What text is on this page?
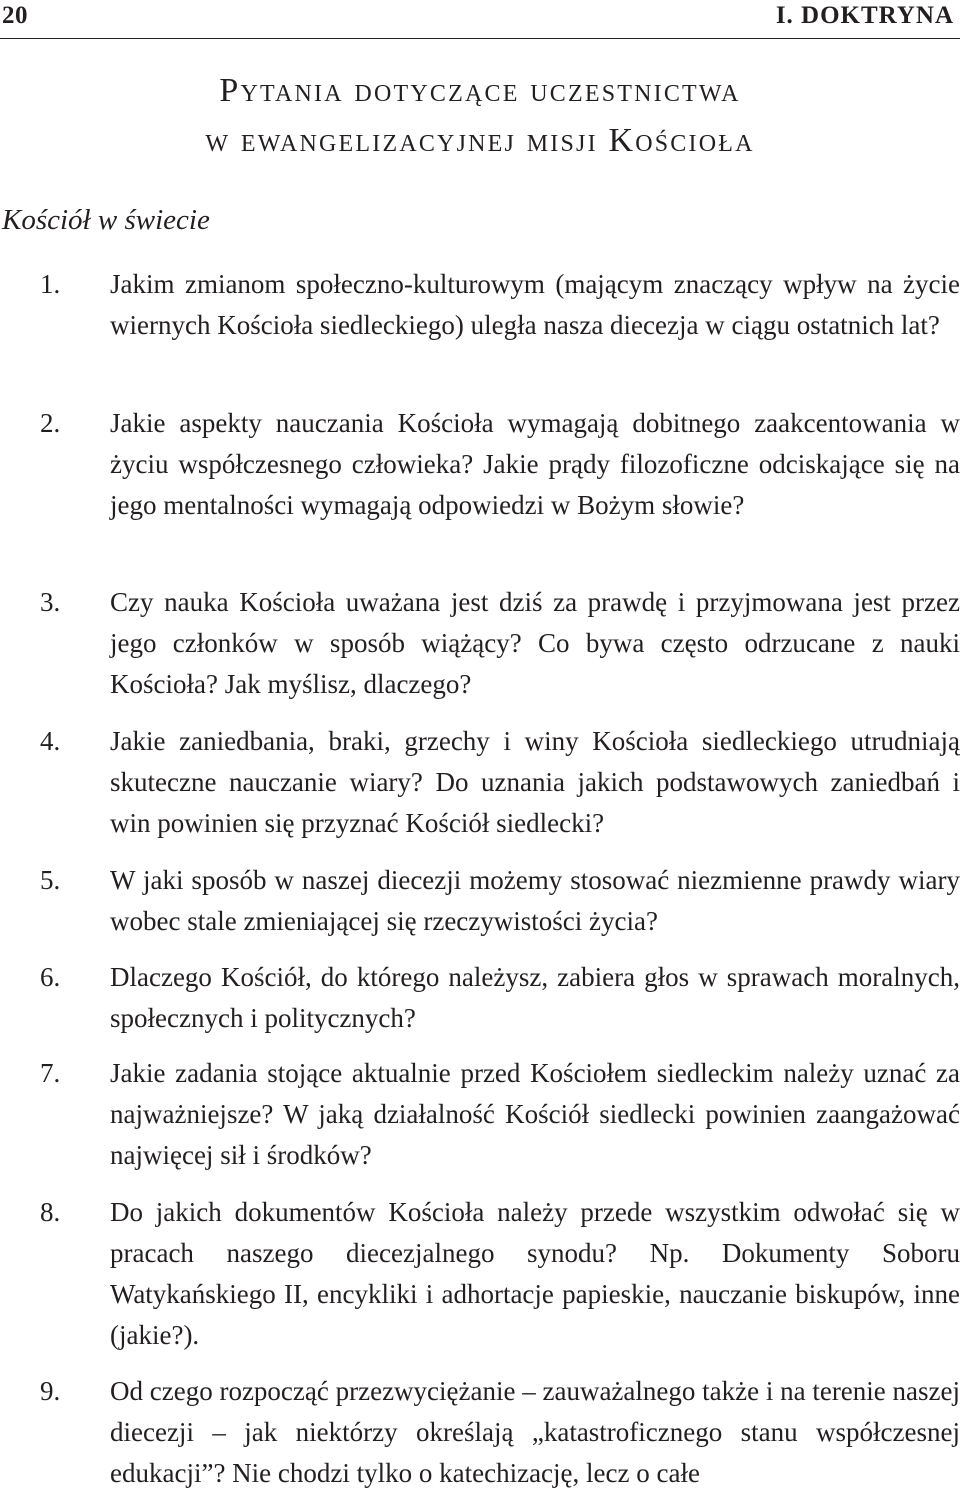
20	I. DOKTRYNA
Pytania dotyczące uczestnictwa
w ewangelizacyjnej misji Kościoła
Kościół w świecie
1. Jakim zmianom społeczno-kulturowym (mającym znaczący wpływ na życie wiernych Kościoła siedleckiego) uległa nasza diecezja w ciągu ostatnich lat?
2. Jakie aspekty nauczania Kościoła wymagają dobitnego zaakcentowania w życiu współczesnego człowieka? Jakie prądy filozoficzne odciskające się na jego mentalności wymagają odpowiedzi w Bożym słowie?
3. Czy nauka Kościoła uważana jest dziś za prawdę i przyjmowana jest przez jego członków w sposób wiążący? Co bywa często odrzucane z nauki Kościoła? Jak myślisz, dlaczego?
4. Jakie zaniedbania, braki, grzechy i winy Kościoła siedleckiego utrudniają skuteczne nauczanie wiary? Do uznania jakich podstawowych zaniedbań i win powinien się przyznać Kościół siedlecki?
5. W jaki sposób w naszej diecezji możemy stosować niezmienne prawdy wiary wobec stale zmieniającej się rzeczywistości życia?
6. Dlaczego Kościół, do którego należysz, zabiera głos w sprawach moralnych, społecznych i politycznych?
7. Jakie zadania stojące aktualnie przed Kościołem siedleckim należy uznać za najważniejsze? W jaką działalność Kościół siedlecki powinien zaangażować najwięcej sił i środków?
8. Do jakich dokumentów Kościoła należy przede wszystkim odwołać się w pracach naszego diecezjalnego synodu? Np. Dokumenty Soboru Watykańskiego II, encykliki i adhortacje papieskie, nauczanie biskupów, inne (jakie?).
9. Od czego rozpocząć przezwyciężanie – zauważalnego także i na terenie naszej diecezji – jak niektórzy określają „katastroficznego stanu współczesnej edukacji”? Nie chodzi tylko o katechizację, lecz o całe
